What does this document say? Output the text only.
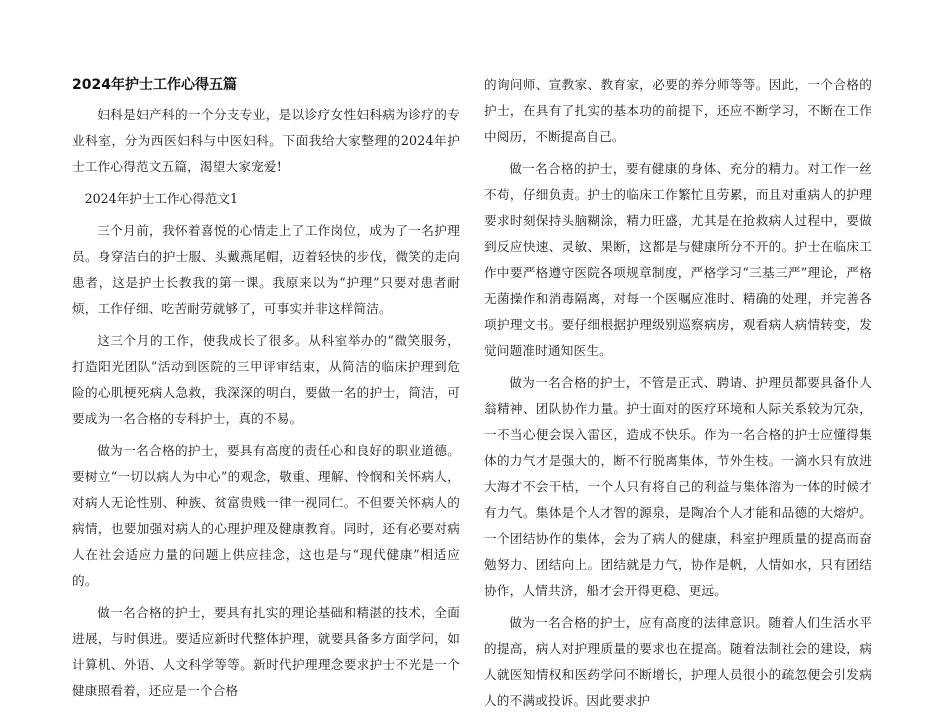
2024年护士工作心得五篇

妇科是妇产科的一个分支专业，是以诊疗女性妇科病为诊疗的专业科室，分为西医妇科与中医妇科。下面我给大家整理的2024年护士工作心得范文五篇，渴望大家宠爱!

2024年护士工作心得范文1

三个月前，我怀着喜悦的心情走上了工作岗位，成为了一名护理员。身穿洁白的护士服、头戴燕尾帽，迈着轻快的步伐，微笑的走向患者，这是护士长教我的第一课。我原来以为“护理”只要对患者耐烦，工作仔细、吃苦耐劳就够了，可事实并非这样简洁。

这三个月的工作，使我成长了很多。从科室举办的“微笑服务，打造阳光团队”活动到医院的三甲评审结束，从简洁的临床护理到危险的心肌梗死病人急救，我深深的明白，要做一名的护士，简洁，可要成为一名合格的专科护士，真的不易。

做为一名合格的护士，要具有高度的责任心和良好的职业道德。要树立“一切以病人为中心”的观念，敬重、理解、怜悯和关怀病人，对病人无论性别、种族、贫富贵贱一律一视同仁。不但要关怀病人的病情，也要加强对病人的心理护理及健康教育。同时，还有必要对病人在社会适应力量的问题上供应挂念，这也是与“现代健康”相适应的。

做一名合格的护士，要具有扎实的理论基础和精湛的技术，全面进展，与时俱进。要适应新时代整体护理，就要具备多方面学问，如计算机、外语、人文科学等等。新时代护理理念要求护士不光是一个健康照看着，还应是一个合格

的询问师、宣教家、教育家，必要的养分师等等。因此，一个合格的护士，在具有了扎实的基本功的前提下，还应不断学习，不断在工作中阅历，不断提高自己。

做一名合格的护士，要有健康的身体、充分的精力。对工作一丝不苟，仔细负责。护士的临床工作繁忙且劳累，而且对重病人的护理要求时刻保持头脑糊涂，精力旺盛，尤其是在抢救病人过程中，要做到反应快速、灵敏、果断，这都是与健康所分不开的。护士在临床工作中要严格遵守医院各项规章制度，严格学习“三基三严”理论，严格无菌操作和消毒隔离，对每一个医嘱应准时、精确的处理，并完善各项护理文书。要仔细根据护理级别巡察病房，观看病人病情转变，发觉问题准时通知医生。

做为一名合格的护士，不管是正式、聘请、护理员都要具备仆人翁精神、团队协作力量。护士面对的医疗环境和人际关系较为冗杂，一不当心便会误入雷区，造成不快乐。作为一名合格的护士应懂得集体的力气才是强大的，断不行脱离集体，节外生枝。一滴水只有放进大海才不会干枯，一个人只有将自己的利益与集体溶为一体的时候才有力气。集体是个人才智的源泉，是陶冶个人才能和品德的大熔炉。一个团结协作的集体，会为了病人的健康，科室护理质量的提高而奋勉努力、团结向上。团结就是力气，协作是帆，人情如水，只有团结协作，人情共济，船才会开得更稳、更远。

做为一名合格的护士，应有高度的法律意识。随着人们生活水平的提高，病人对护理质量的要求也在提高。随着法制社会的建设，病人就医知情权和医药学问不断增长，护理人员很小的疏忽便会引发病人的不满或投诉。因此要求护
